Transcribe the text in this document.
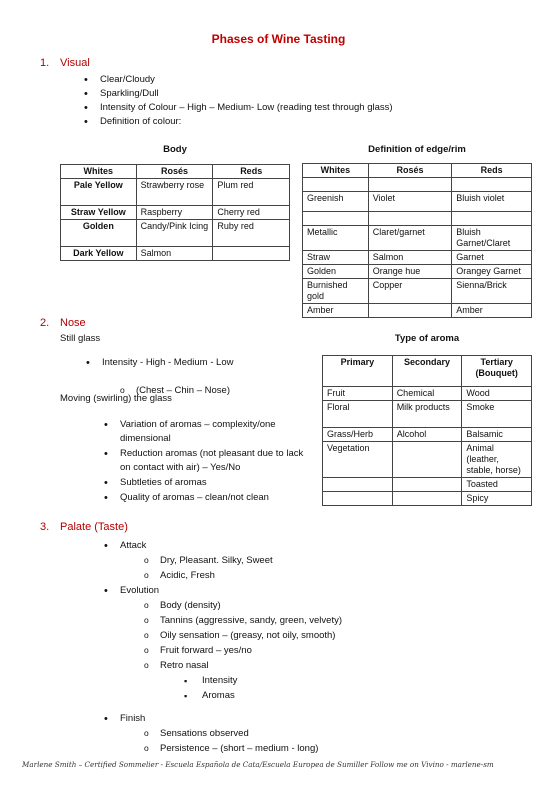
Phases of Wine Tasting
1. Visual
• Clear/Cloudy
• Sparkling/Dull
• Intensity of Colour – High – Medium- Low (reading test through glass)
• Definition of colour:
Body
Whites	Rosés	Reds
Pale Yellow	Strawberry rose	Plum red
Straw Yellow	Raspberry	Cherry red
Golden	Candy/Pink Icing	Ruby red
Dark Yellow	Salmon	
Definition of edge/rim
Whites	Rosés	Reds

Greenish	Violet	Bluish violet

Metallic	Claret/garnet	Bluish Garnet/Claret
Straw	Salmon	Garnet
Golden	Orange hue	Orangey Garnet
Burnished gold	Copper	Sienna/Brick
Amber		Amber
2. Nose
Still glass
• Intensity - High - Medium - Low
o (Chest – Chin – Nose)
Moving (swirling) the glass
• Variation of aromas – complexity/one dimensional
• Reduction aromas (not pleasant due to lack on contact with air) – Yes/No
• Subtleties of aromas
• Quality of aromas – clean/not clean
Type of aroma
Primary	Secondary	Tertiary (Bouquet)
Fruit	Chemical	Wood
Floral	Milk products	Smoke
Grass/Herb	Alcohol	Balsamic
Vegetation		Animal (leather, stable, horse)
		Toasted
		Spicy
3. Palate (Taste)
• Attack
o Dry, Pleasant. Silky, Sweet
o Acidic, Fresh
• Evolution
o Body (density)
o Tannins (aggressive, sandy, green, velvety)
o Oily sensation – (greasy, not oily, smooth)
o Fruit forward – yes/no
o Retro nasal
▪ Intensity
▪ Aromas
• Finish
o Sensations observed
o Persistence – (short – medium - long)
Marlene Smith – Certified Sommelier - Escuela Española de Cata/Escuela Europea de Sumiller Follow me on Vivino - marlene-sm
